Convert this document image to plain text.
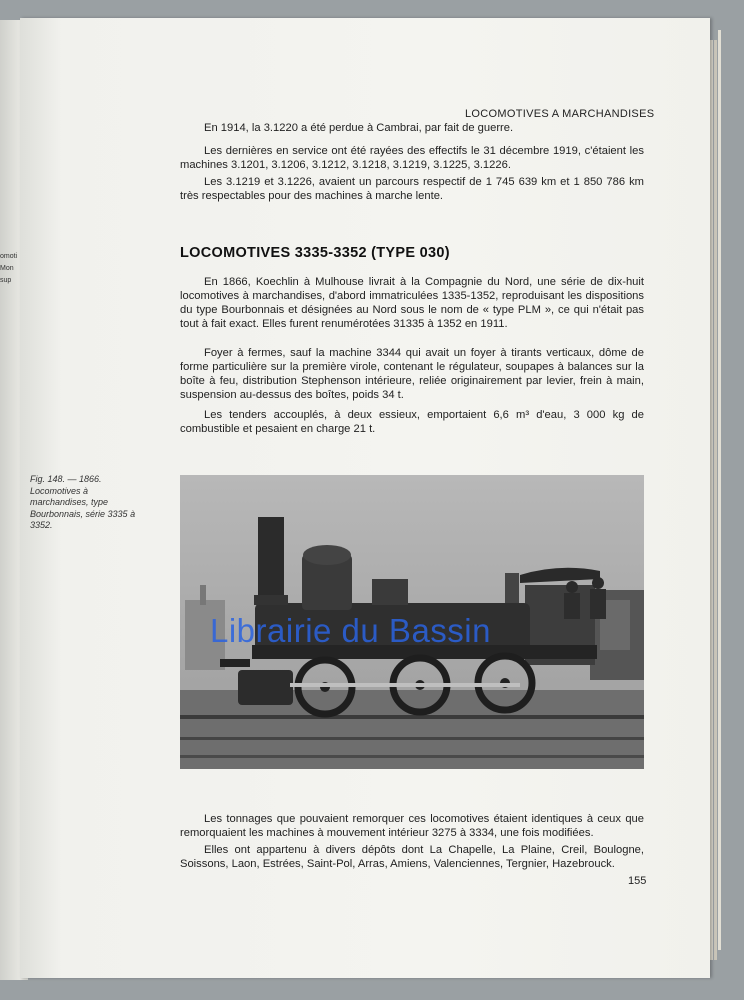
omoti
Mon
sup
LOCOMOTIVES A MARCHANDISES

En 1914, la 3.1220 a été perdue à Cambrai, par fait de guerre.

Les dernières en service ont été rayées des effectifs le 31 décembre 1919, c'étaient les machines 3.1201, 3.1206, 3.1212, 3.1218, 3.1219, 3.1225, 3.1226.

Les 3.1219 et 3.1226, avaient un parcours respectif de 1 745 639 km et 1 850 786 km très respectables pour des machines à marche lente.

LOCOMOTIVES 3335-3352 (TYPE 030)

En 1866, Koechlin à Mulhouse livrait à la Compagnie du Nord, une série de dix-huit locomotives à marchandises, d'abord immatriculées 1335-1352, reproduisant les dispositions du type Bourbonnais et désignées au Nord sous le nom de « type PLM », ce qui n'était pas tout à fait exact. Elles furent renumérotées 31335 à 1352 en 1911.

Foyer à fermes, sauf la machine 3344 qui avait un foyer à tirants verticaux, dôme de forme particulière sur la première virole, contenant le régulateur, soupapes à balances sur la boîte à feu, distribution Stephenson intérieure, reliée originairement par levier, frein à main, suspension au-dessus des boîtes, poids 34 t.

Les tenders accouplés, à deux essieux, emportaient 6,6 m³ d'eau, 3 000 kg de combustible et pesaient en charge 21 t.

Fig. 148. — 1866. Locomotives à marchandises, type Bourbonnais, série 3335 à 3352.
Librairie du Bassin

Les tonnages que pouvaient remorquer ces locomotives étaient identiques à ceux que remorquaient les machines à mouvement intérieur 3275 à 3334, une fois modifiées.

Elles ont appartenu à divers dépôts dont La Chapelle, La Plaine, Creil, Boulogne, Soissons, Laon, Estrées, Saint-Pol, Arras, Amiens, Valenciennes, Tergnier, Hazebrouck.

155
